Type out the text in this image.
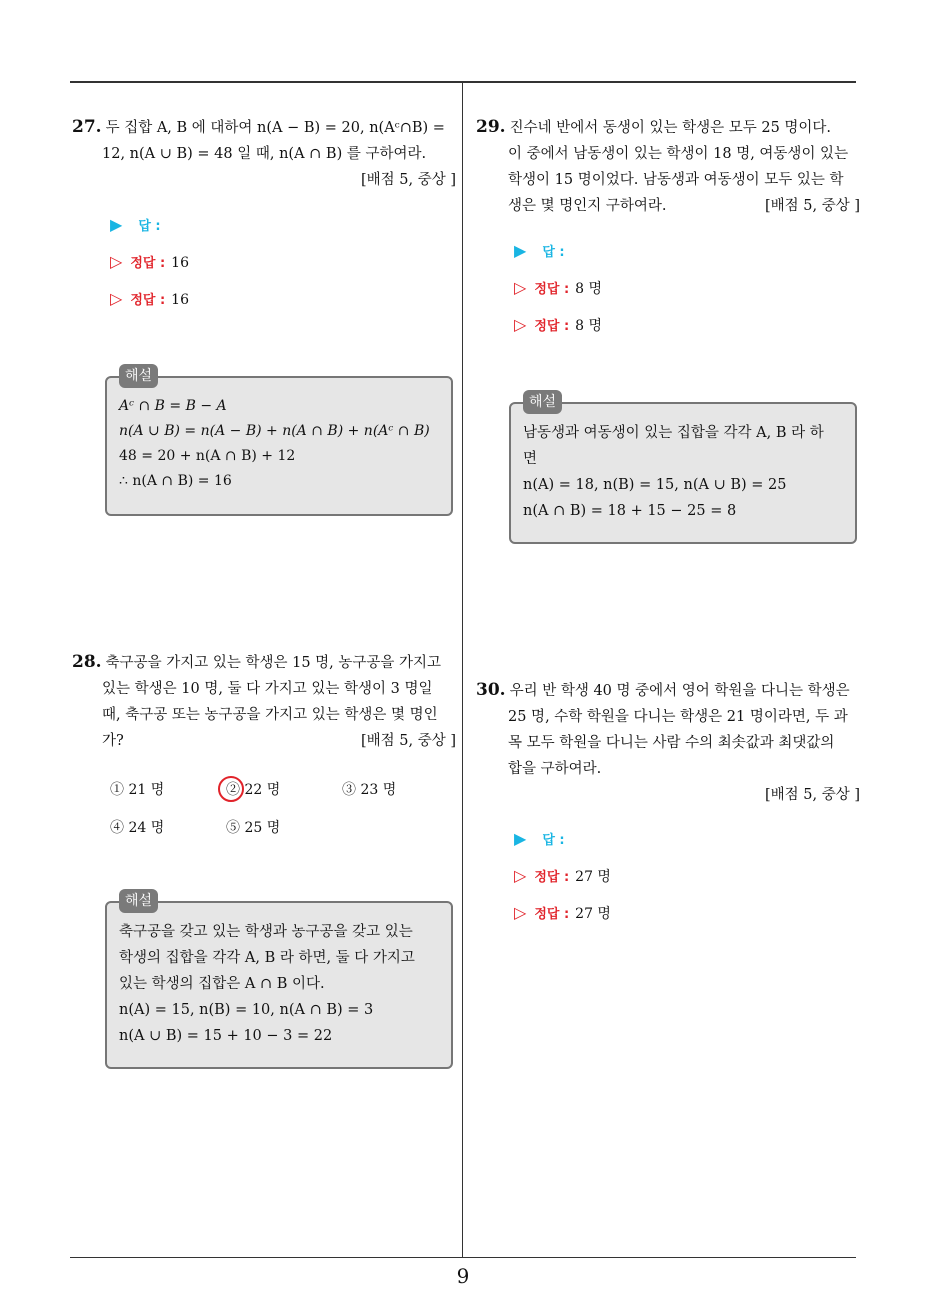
9
27. 두 집합 A, B 에 대하여 n(A − B) = 20, n(Aᶜ∩B) =
12, n(A ∪ B) = 48 일 때, n(A ∩ B) 를 구하여라.
[배점 5, 중상 ]
▶ 답 :
▷ 정답 : 16
▷ 정답 : 16
Aᶜ ∩ B = B − A
n(A ∪ B) = n(A − B) + n(A ∩ B) + n(Aᶜ ∩ B)
48 = 20 + n(A ∩ B) + 12
∴ n(A ∩ B) = 16
해설
28. 축구공을 가지고 있는 학생은 15 명, 농구공을 가지고
있는 학생은 10 명, 둘 다 가지고 있는 학생이 3 명일
때, 축구공 또는 농구공을 가지고 있는 학생은 몇 명인
가?	[배점 5, 중상 ]
① 21 명	② 22 명	③ 23 명
④ 24 명	⑤ 25 명
축구공을 갖고 있는 학생과 농구공을 갖고 있는
학생의 집합을 각각 A, B 라 하면, 둘 다 가지고
있는 학생의 집합은 A ∩ B 이다.
n(A) = 15, n(B) = 10, n(A ∩ B) = 3
n(A ∪ B) = 15 + 10 − 3 = 22
해설
29. 진수네 반에서 동생이 있는 학생은 모두 25 명이다.
이 중에서 남동생이 있는 학생이 18 명, 여동생이 있는
학생이 15 명이었다. 남동생과 여동생이 모두 있는 학
생은 몇 명인지 구하여라.	[배점 5, 중상 ]
▶ 답 :
▷ 정답 : 8 명
▷ 정답 : 8 명
남동생과 여동생이 있는 집합을 각각 A, B 라 하
면
n(A) = 18, n(B) = 15, n(A ∪ B) = 25
n(A ∩ B) = 18 + 15 − 25 = 8
해설
30. 우리 반 학생 40 명 중에서 영어 학원을 다니는 학생은
25 명, 수학 학원을 다니는 학생은 21 명이라면, 두 과
목 모두 학원을 다니는 사람 수의 최솟값과 최댓값의
합을 구하여라.
[배점 5, 중상 ]
▶ 답 :
▷ 정답 : 27 명
▷ 정답 : 27 명
